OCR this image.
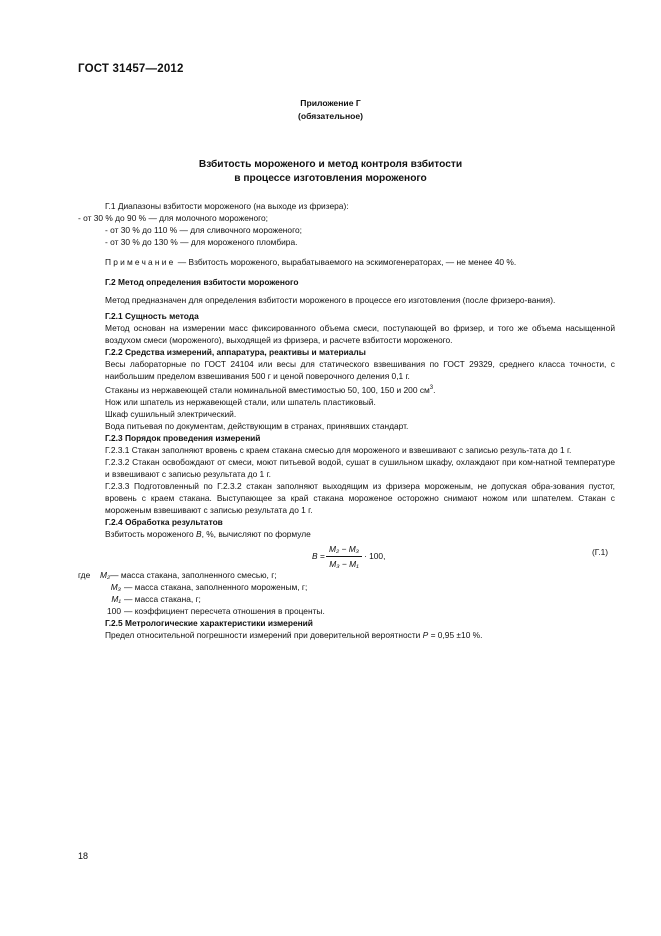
ГОСТ 31457—2012
Приложение Г
(обязательное)
Взбитость мороженого и метод контроля взбитости
в процессе изготовления мороженого

Г.1 Диапазоны взбитости мороженого (на выходе из фризера):

- от 30 % до 90 % — для молочного мороженого;

- от 30 % до 110 % — для сливочного мороженого;

- от 30 % до 130 % — для мороженого пломбира.

Примечание — Взбитость мороженого, вырабатываемого на эскимогенераторах, — не менее 40 %.

Г.2 Метод определения взбитости мороженого

Метод предназначен для определения взбитости мороженого в процессе его изготовления (после фризеро-вания).

Г.2.1 Сущность метода

Метод основан на измерении масс фиксированного объема смеси, поступающей во фризер, и того же объема насыщенной воздухом смеси (мороженого), выходящей из фризера, и расчете взбитости мороженого.

Г.2.2 Средства измерений, аппаратура, реактивы и материалы

Весы лабораторные по ГОСТ 24104 или весы для статического взвешивания по ГОСТ 29329, среднего класса точности, с наибольшим пределом взвешивания 500 г и ценой поверочного деления 0,1 г.

Стаканы из нержавеющей стали номинальной вместимостью 50, 100, 150 и 200 $см^3$.

Нож или шпатель из нержавеющей стали, или шпатель пластиковый.

Шкаф сушильный электрический.

Вода питьевая по документам, действующим в странах, принявших стандарт.

Г.2.3 Порядок проведения измерений

Г.2.3.1 Стакан заполняют вровень с краем стакана смесью для мороженого и взвешивают с записью резуль-тата до 1 г.

Г.2.3.2 Стакан освобождают от смеси, моют питьевой водой, сушат в сушильном шкафу, охлаждают при ком-натной температуре и взвешивают с записью результата до 1 г.

Г.2.3.3 Подготовленный по Г.2.3.2 стакан заполняют выходящим из фризера мороженым, не допуская обра-зования пустот, вровень с краем стакана. Выступающее за край стакана мороженое осторожно снимают ножом или шпателем. Стакан с мороженым взвешивают с записью результата до 1 г.

Г.2.4 Обработка результатов

Взбитость мороженого B, %, вычисляют по формуле

$B = \frac{\text{M₂ − M₃}}{\text{M₃ − M₁}} \cdot 100$,	(Г.1)
где	M₂ — масса стакана, заполненного смесью, г;
M₃ — масса стакана, заполненного мороженым, г;
M₁ — масса стакана, г;
100 — коэффициент пересчета отношения в проценты.

Г.2.5 Метрологические характеристики измерений

Предел относительной погрешности измерений при доверительной вероятности P = 0,95 ±10 %.

18
